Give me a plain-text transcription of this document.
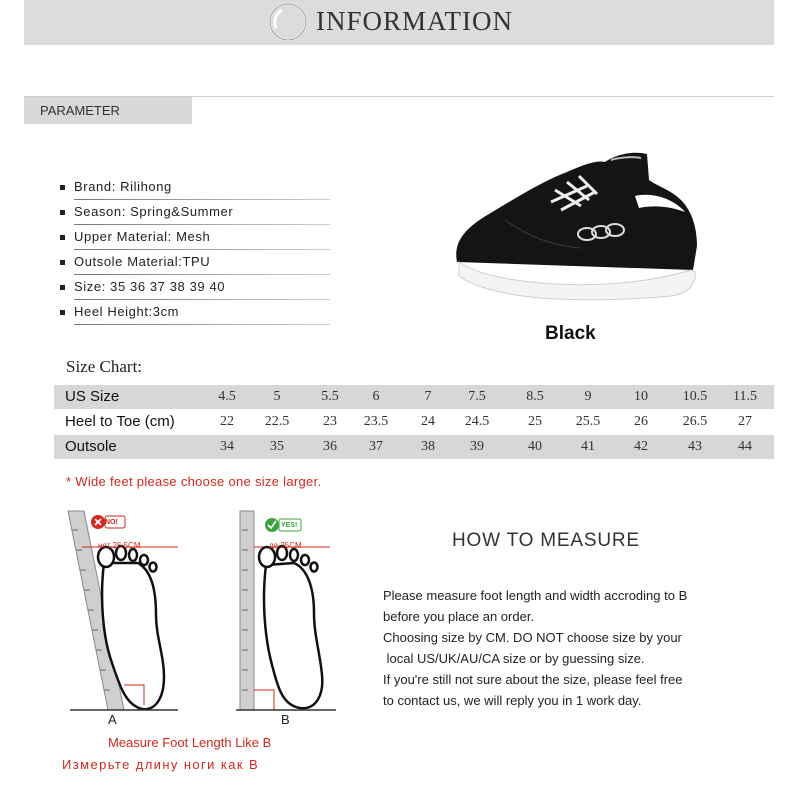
INFORMATION
PARAMETER
Brand: Rilihong
Season: Spring&Summer
Upper Material: Mesh
Outsole Material:TPU
Size: 35 36 37 38 39 40
Heel Height:3cm
Black
Size Chart:
US Size	4.5	5	5.5	6	7	7.5	8.5	9	10	10.5	11.5
Heel to Toe (cm)	22	22.5	23	23.5	24	24.5	25	25.5	26	26.5	27
Outsole	34	35	36	37	38	39	40	41	42	43	44
* Wide feet please choose one size larger.
NO!
нет 25.5CM
A
YES!
да 25CM
B
Measure Foot Length Like B
Измерьте длину ноги как B
HOW TO MEASURE
Please measure foot length and width accroding to B
before you place an order.
Choosing size by CM. DO NOT choose size by your
local US/UK/AU/CA size or by guessing size.
If you're still not sure about the size, please feel free
to contact us, we will reply you in 1 work day.
